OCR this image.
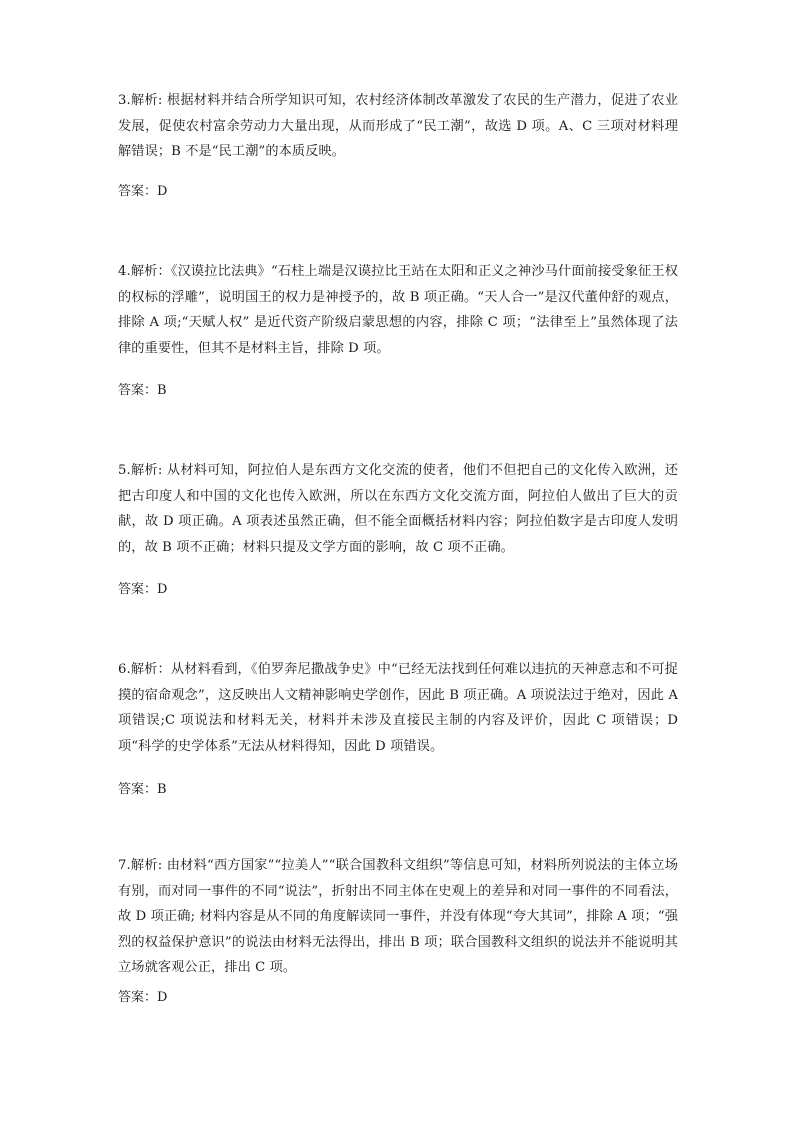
3.解析: 根据材料并结合所学知识可知，农村经济体制改革激发了农民的生产潜力，促进了农业发展，促使农村富余劳动力大量出现，从而形成了“民工潮”，故选 D 项。A、C 三项对材料理解错误；B 不是“民工潮”的本质反映。

答案：D

4.解析：《汉谟拉比法典》“石柱上端是汉谟拉比王站在太阳和正义之神沙马什面前接受象征王权的权标的浮雕”，说明国王的权力是神授予的，故 B 项正确。“天人合一”是汉代董仲舒的观点，排除 A 项;“天赋人权” 是近代资产阶级启蒙思想的内容，排除 C 项；“法律至上”虽然体现了法律的重要性，但其不是材料主旨，排除 D 项。

答案：B

5.解析: 从材料可知，阿拉伯人是东西方文化交流的使者，他们不但把自己的文化传入欧洲，还把古印度人和中国的文化也传入欧洲，所以在东西方文化交流方面，阿拉伯人做出了巨大的贡献，故 D 项正确。A 项表述虽然正确，但不能全面概括材料内容；阿拉伯数字是古印度人发明的，故 B 项不正确；材料只提及文学方面的影响，故 C 项不正确。

答案：D

6.解析：从材料看到，《伯罗奔尼撒战争史》中“已经无法找到任何难以违抗的天神意志和不可捉摸的宿命观念”，这反映出人文精神影响史学创作，因此 B 项正确。A 项说法过于绝对，因此 A 项错误;C 项说法和材料无关，材料并未涉及直接民主制的内容及评价，因此 C 项错误；D 项“科学的史学体系”无法从材料得知，因此 D 项错误。

答案：B

7.解析: 由材料“西方国家”“拉美人”“联合国教科文组织”等信息可知，材料所列说法的主体立场有别，而对同一事件的不同“说法”，折射出不同主体在史观上的差异和对同一事件的不同看法，故 D 项正确; 材料内容是从不同的角度解读同一事件，并没有体现“夸大其词”，排除 A 项；“强烈的权益保护意识”的说法由材料无法得出，排出 B 项；联合国教科文组织的说法并不能说明其立场就客观公正，排出 C 项。

答案：D
